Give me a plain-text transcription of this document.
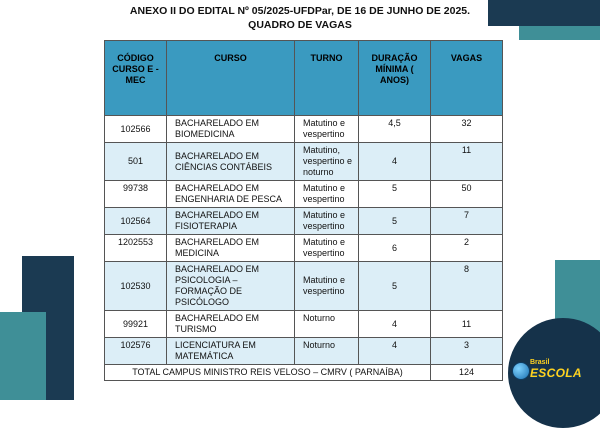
ANEXO II DO EDITAL Nº 05/2025-UFDPar, DE 16 DE JUNHO DE 2025.
QUADRO DE VAGAS
CÓDIGO CURSO E - MEC	CURSO	TURNO	DURAÇÃO MÍNIMA ( ANOS)	VAGAS
102566	BACHARELADO EM BIOMEDICINA	Matutino e vespertino	4,5	32
501	BACHARELADO EM CIÊNCIAS CONTÁBEIS	Matutino, vespertino e noturno	4	11
99738	BACHARELADO EM ENGENHARIA DE PESCA	Matutino e vespertino	5	50
102564	BACHARELADO EM FISIOTERAPIA	Matutino e vespertino	5	7
1202553	BACHARELADO EM MEDICINA	Matutino e vespertino	6	2
102530	BACHARELADO EM PSICOLOGIA – FORMAÇÃO DE PSICÓLOGO	Matutino e vespertino	5	8
99921	BACHARELADO EM TURISMO	Noturno	4	11
102576	LICENCIATURA EM MATEMÁTICA	Noturno	4	3
TOTAL CAMPUS MINISTRO REIS VELOSO – CMRV ( PARNAÍBA)				124
Brasil
ESCOLA
